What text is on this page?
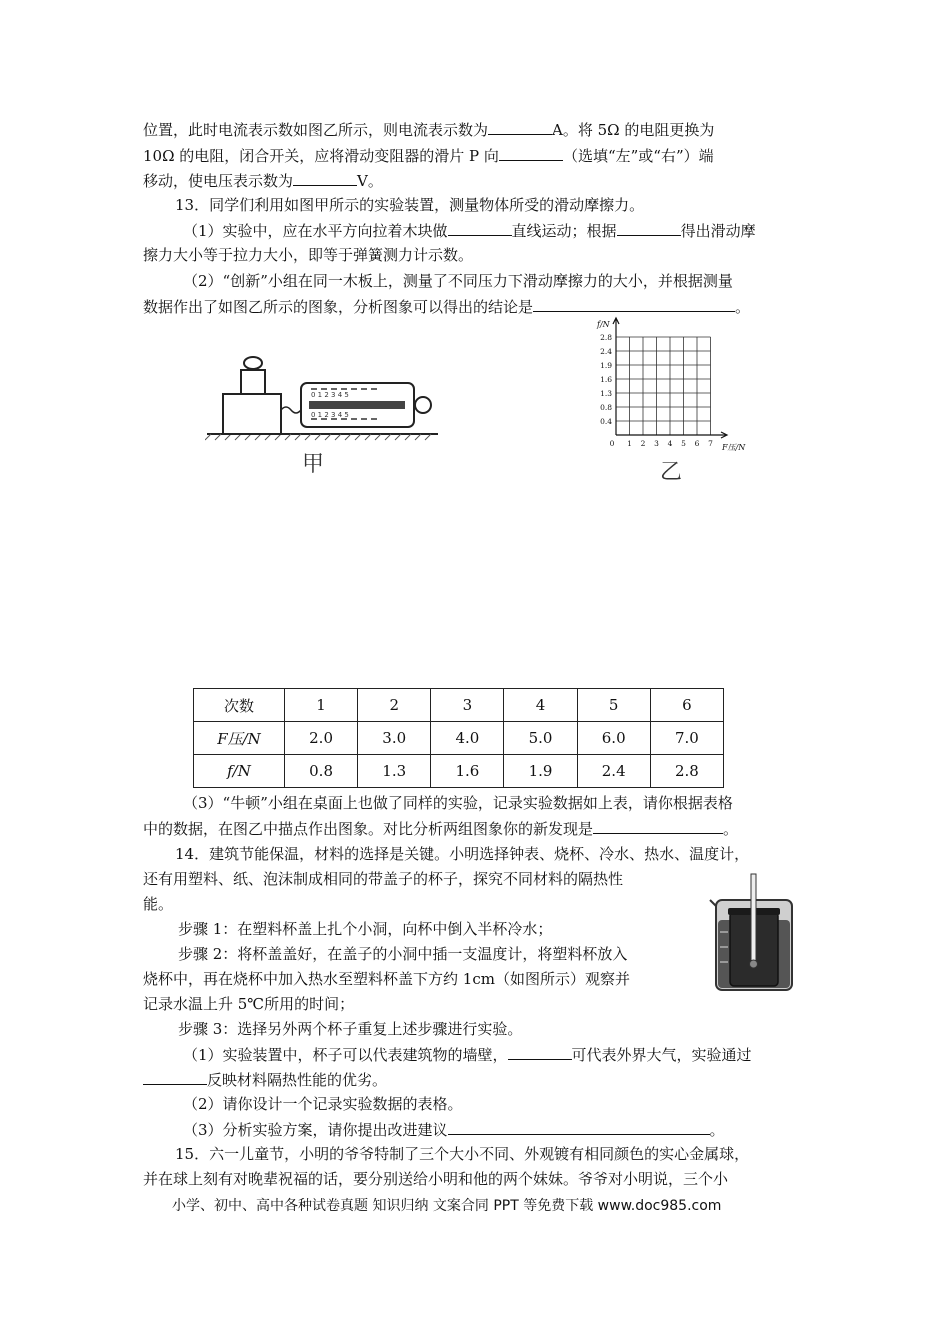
位置，此时电流表示数如图乙所示，则电流表示数为	A。将 5Ω 的电阻更换为
10Ω 的电阻，闭合开关，应将滑动变阻器的滑片 P 向	（选填“左”或“右”）端
移动，使电压表示数为	V。
13．同学们利用如图甲所示的实验装置，测量物体所受的滑动摩擦力。
（1）实验中，应在水平方向拉着木块做	直线运动；根据	得出滑动摩
擦力大小等于拉力大小，即等于弹簧测力计示数。
（2）“创新”小组在同一木板上，测量了不同压力下滑动摩擦力的大小，并根据测量
数据作出了如图乙所示的图象，分析图象可以得出的结论是	。
0 1 2 3 4 5
0 1 2 3 4 5
甲
f/N
F压/N
0.4
0.8
1.3
1.6
1.9
2.4
2.8
0 1 2 3 4 5 6 7
乙
次数	1	2	3	4	5	6
F压/N	2.0	3.0	4.0	5.0	6.0	7.0
f/N	0.8	1.3	1.6	1.9	2.4	2.8
（3）“牛顿”小组在桌面上也做了同样的实验，记录实验数据如上表，请你根据表格
中的数据，在图乙中描点作出图象。对比分析两组图象你的新发现是	。
14．建筑节能保温，材料的选择是关键。小明选择钟表、烧杯、冷水、热水、温度计，
还有用塑料、纸、泡沫制成相同的带盖子的杯子，探究不同材料的隔热性
能。
步骤 1：在塑料杯盖上扎个小洞，向杯中倒入半杯冷水；
步骤 2：将杯盖盖好，在盖子的小洞中插一支温度计，将塑料杯放入
烧杯中，再在烧杯中加入热水至塑料杯盖下方约 1cm（如图所示）观察并
记录水温上升 5℃所用的时间；
步骤 3：选择另外两个杯子重复上述步骤进行实验。
（1）实验装置中，杯子可以代表建筑物的墙壁，	可代表外界大气，实验通过
反映材料隔热性能的优劣。
（2）请你设计一个记录实验数据的表格。
（3）分析实验方案，请你提出改进建议	。
15．六一儿童节，小明的爷爷特制了三个大小不同、外观镀有相同颜色的实心金属球，
并在球上刻有对晚辈祝福的话，要分别送给小明和他的两个妹妹。爷爷对小明说，三个小
小学、初中、高中各种试卷真题 知识归纳 文案合同 PPT 等免费下载 www.doc985.com
